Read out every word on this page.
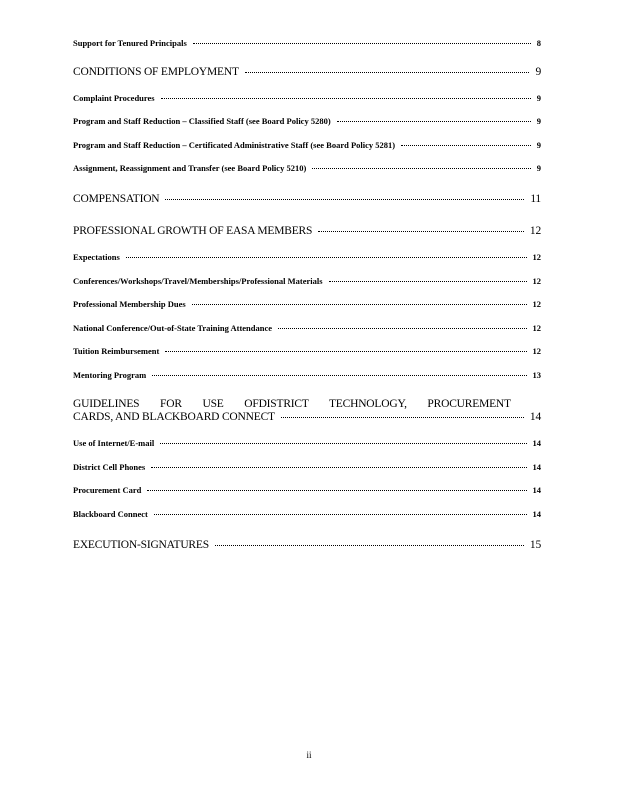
Support for Tenured Principals	8
CONDITIONS OF EMPLOYMENT	9
Complaint Procedures	9
Program and Staff Reduction – Classified Staff (see Board Policy 5280)	9
Program and Staff Reduction – Certificated Administrative Staff (see Board Policy 5281)	9
Assignment, Reassignment and Transfer (see Board Policy 5210)	9
COMPENSATION	11
PROFESSIONAL GROWTH OF EASA MEMBERS	12
Expectations	12
Conferences/Workshops/Travel/Memberships/Professional Materials	12
Professional Membership Dues	12
National Conference/Out-of-State Training Attendance	12
Tuition Reimbursement	12
Mentoring Program	13
GUIDELINES FOR USE OFDISTRICT TECHNOLOGY, PROCUREMENT
CARDS, AND BLACKBOARD CONNECT	14
Use of Internet/E-mail	14
District Cell Phones	14
Procurement Card	14
Blackboard Connect	14
EXECUTION-SIGNATURES	15
ii
